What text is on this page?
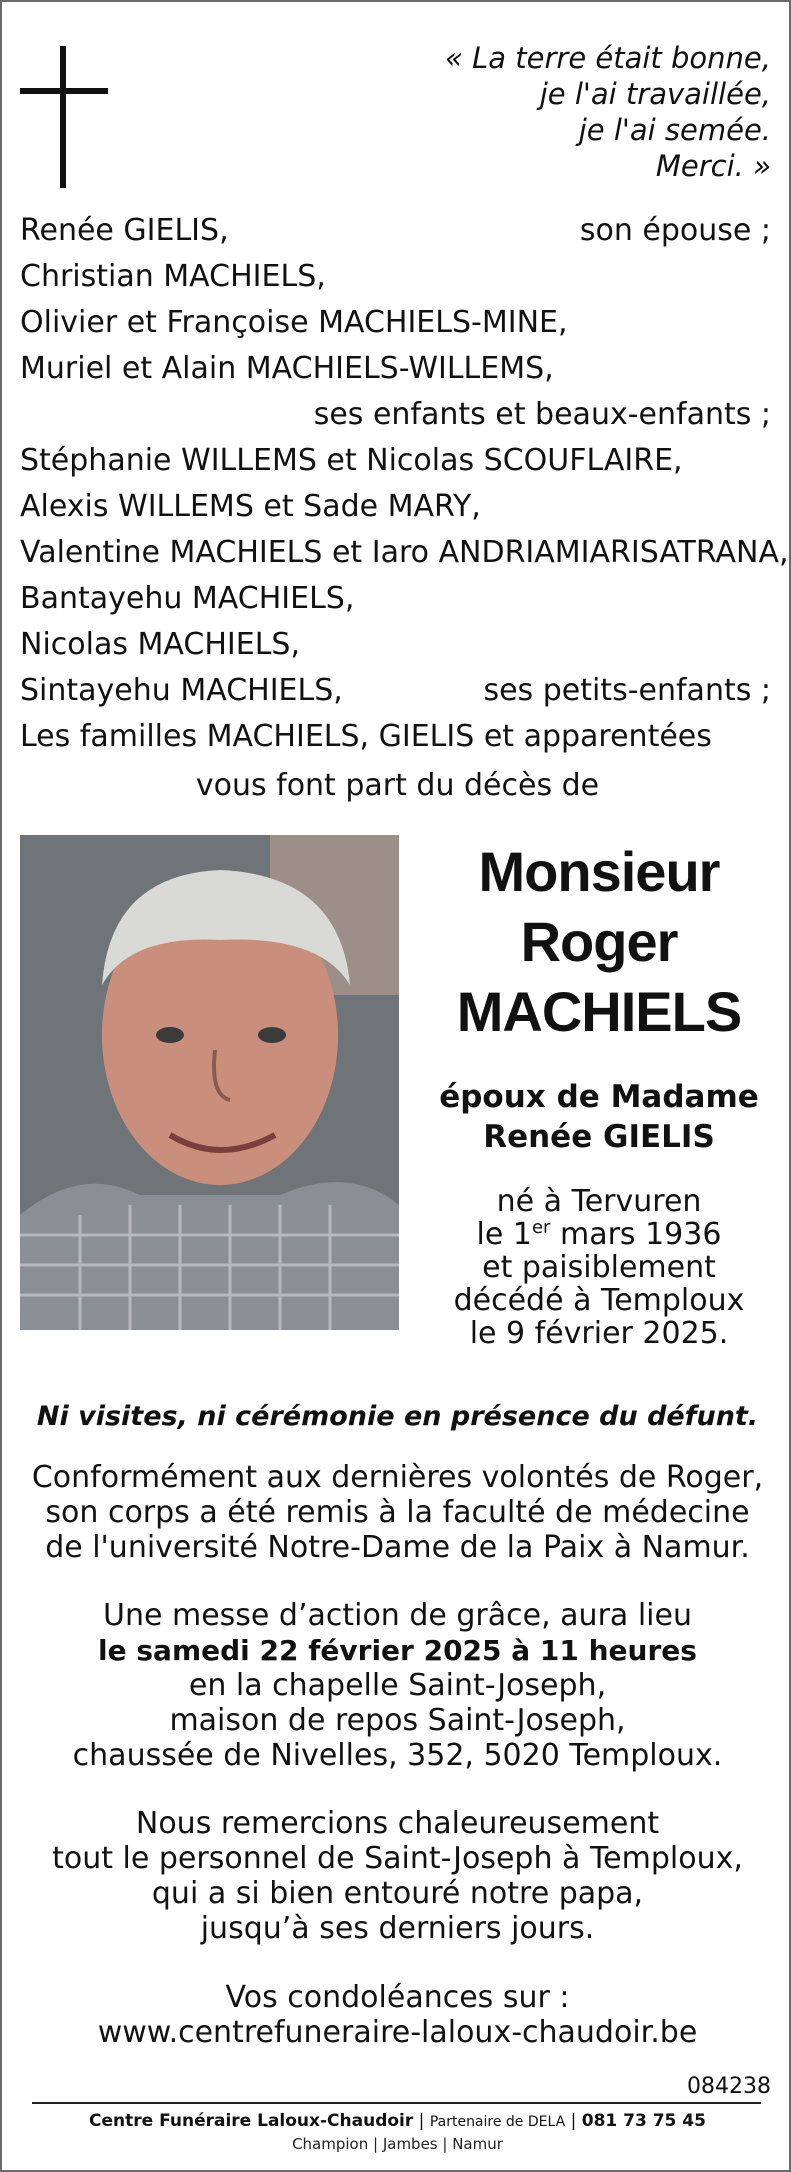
« La terre était bonne,
je l'ai travaillée,
je l'ai semée.
Merci. »
Renée GIELIS,	son épouse ;
Christian MACHIELS,
Olivier et Françoise MACHIELS-MINE,
Muriel et Alain MACHIELS-WILLEMS,
ses enfants et beaux-enfants ;
Stéphanie WILLEMS et Nicolas SCOUFLAIRE,
Alexis WILLEMS et Sade MARY,
Valentine MACHIELS et Iaro ANDRIAMIARISATRANA,
Bantayehu MACHIELS,
Nicolas MACHIELS,
Sintayehu MACHIELS,	ses petits-enfants ;
Les familles MACHIELS, GIELIS et apparentées
vous font part du décès de
Monsieur
Roger
MACHIELS
époux de Madame
Renée GIELIS
né à Tervuren
le 1er mars 1936
et paisiblement
décédé à Temploux
le 9 février 2025.
Ni visites, ni cérémonie en présence du défunt.
Conformément aux dernières volontés de Roger,
son corps a été remis à la faculté de médecine
de l'université Notre-Dame de la Paix à Namur.
Une messe d’action de grâce, aura lieu
le samedi 22 février 2025 à 11 heures
en la chapelle Saint-Joseph,
maison de repos Saint-Joseph,
chaussée de Nivelles, 352, 5020 Temploux.
Nous remercions chaleureusement
tout le personnel de Saint-Joseph à Temploux,
qui a si bien entouré notre papa,
jusqu’à ses derniers jours.
Vos condoléances sur :
www.centrefuneraire-laloux-chaudoir.be
084238
Centre Funéraire Laloux-Chaudoir | Partenaire de DELA | 081 73 75 45
Champion | Jambes | Namur
